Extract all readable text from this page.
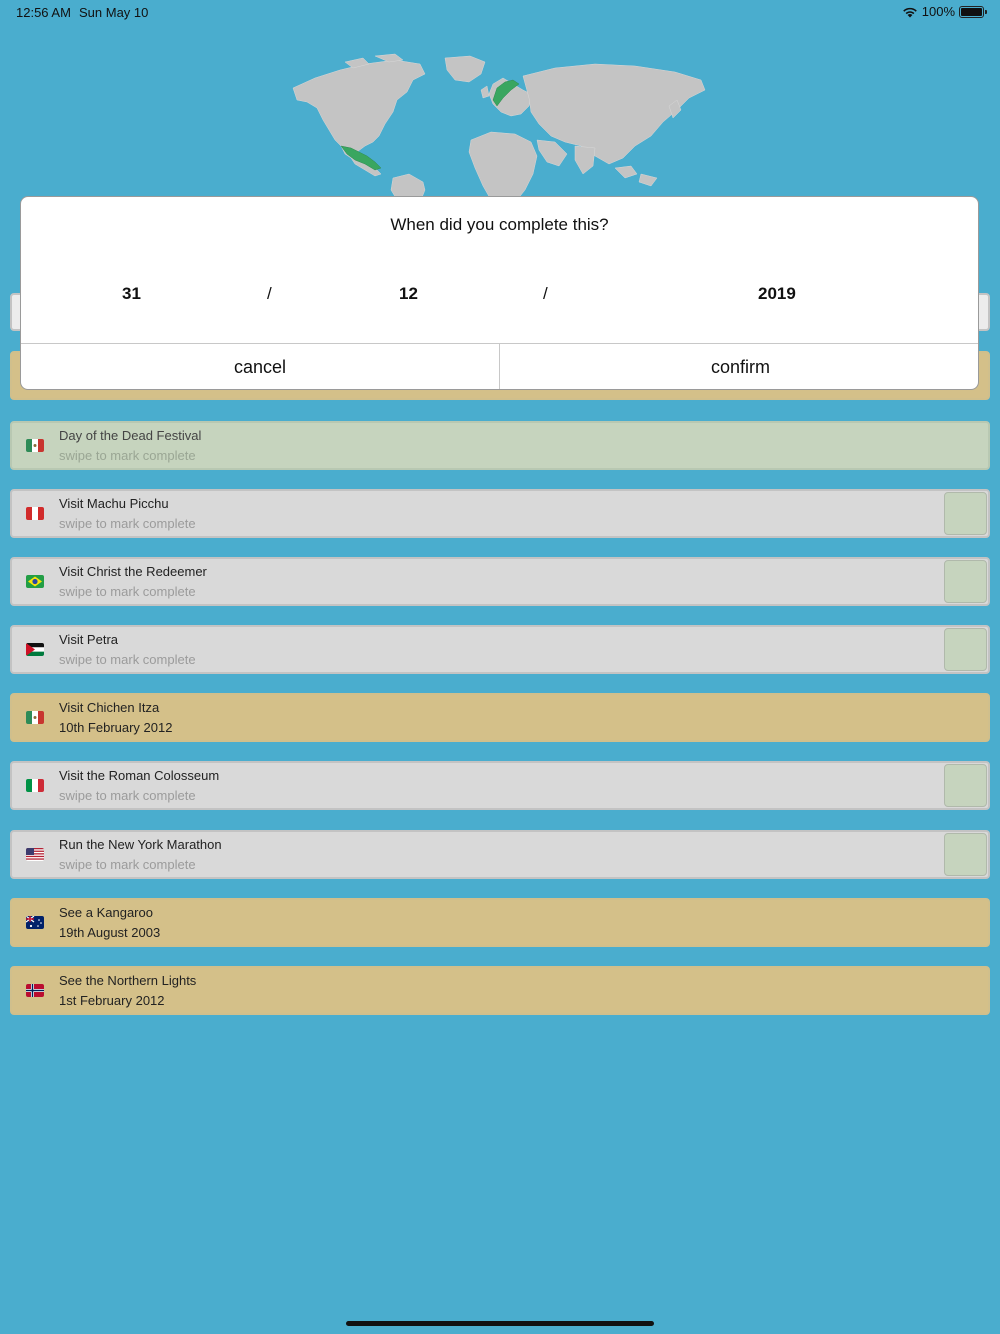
12:56 AM Sun May 10	100%
Day of the Dead Festival
swipe to mark complete
Visit Machu Picchu
swipe to mark complete
Visit Christ the Redeemer
swipe to mark complete
Visit Petra
swipe to mark complete
Visit Chichen Itza
10th February 2012
Visit the Roman Colosseum
swipe to mark complete
Run the New York Marathon
swipe to mark complete
See a Kangaroo
19th August 2003
See the Northern Lights
1st February 2012
When did you complete this?
31	/	12	/	2019
cancel	confirm
